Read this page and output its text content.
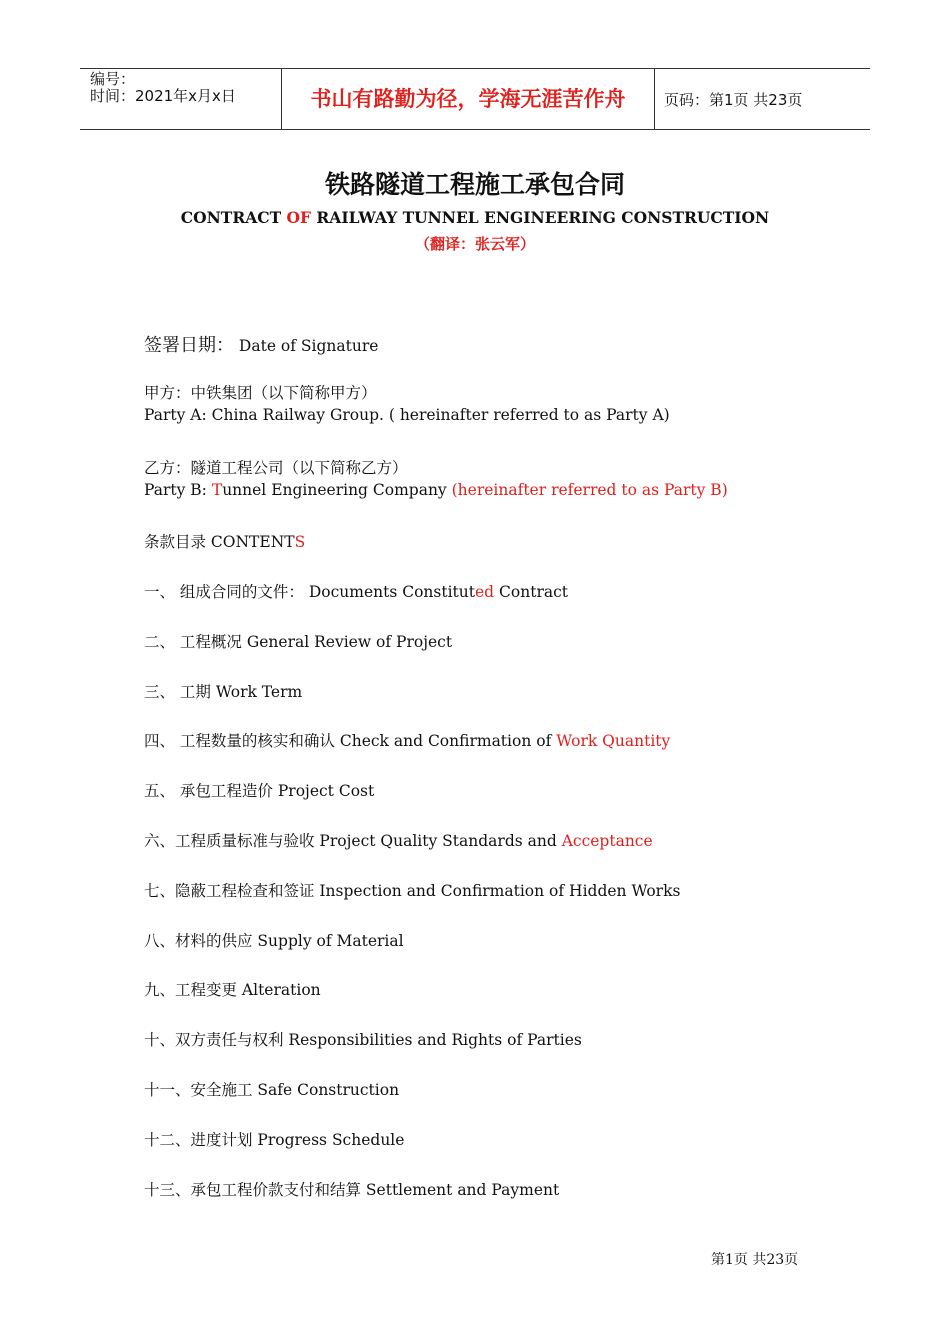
编号：
时间：2021年x月x日	书山有路勤为径，学海无涯苦作舟	页码：第1页 共23页
铁路隧道工程施工承包合同
CONTRACT OF RAILWAY TUNNEL ENGINEERING CONSTRUCTION
（翻译：张云军）
签署日期： Date of Signature
甲方：中铁集团（以下简称甲方）
Party A: China Railway Group. ( hereinafter referred to as Party A)
乙方：隧道工程公司（以下简称乙方）
Party B: Tunnel Engineering Company (hereinafter referred to as Party B)
条款目录 CONTENTS
一、 组成合同的文件： Documents Constituted Contract
二、 工程概况 General Review of Project
三、 工期 Work Term
四、 工程数量的核实和确认 Check and Confirmation of Work Quantity
五、 承包工程造价 Project Cost
六、工程质量标准与验收 Project Quality Standards and Acceptance
七、隐蔽工程检查和签证 Inspection and Confirmation of Hidden Works
八、材料的供应 Supply of Material
九、工程变更 Alteration
十、双方责任与权利 Responsibilities and Rights of Parties
十一、安全施工 Safe Construction
十二、进度计划 Progress Schedule
十三、承包工程价款支付和结算 Settlement and Payment
第1页 共23页
